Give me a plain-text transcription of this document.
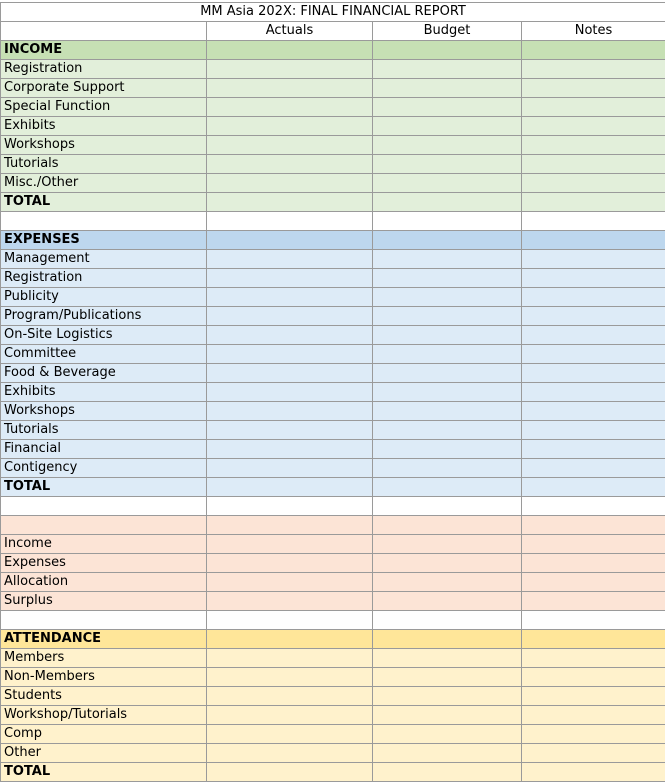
MM Asia 202X: FINAL FINANCIAL REPORT			
	Actuals	Budget	Notes
INCOME			
Registration			
Corporate Support			
Special Function			
Exhibits			
Workshops			
Tutorials			
Misc./Other			
TOTAL			

EXPENSES			
Management			
Registration			
Publicity			
Program/Publications			
On-Site Logistics			
Committee			
Food & Beverage			
Exhibits			
Workshops			
Tutorials			
Financial			
Contigency			
TOTAL			

Income			
Expenses			
Allocation			
Surplus			

ATTENDANCE			
Members			
Non-Members			
Students			
Workshop/Tutorials			
Comp			
Other			
TOTAL			
